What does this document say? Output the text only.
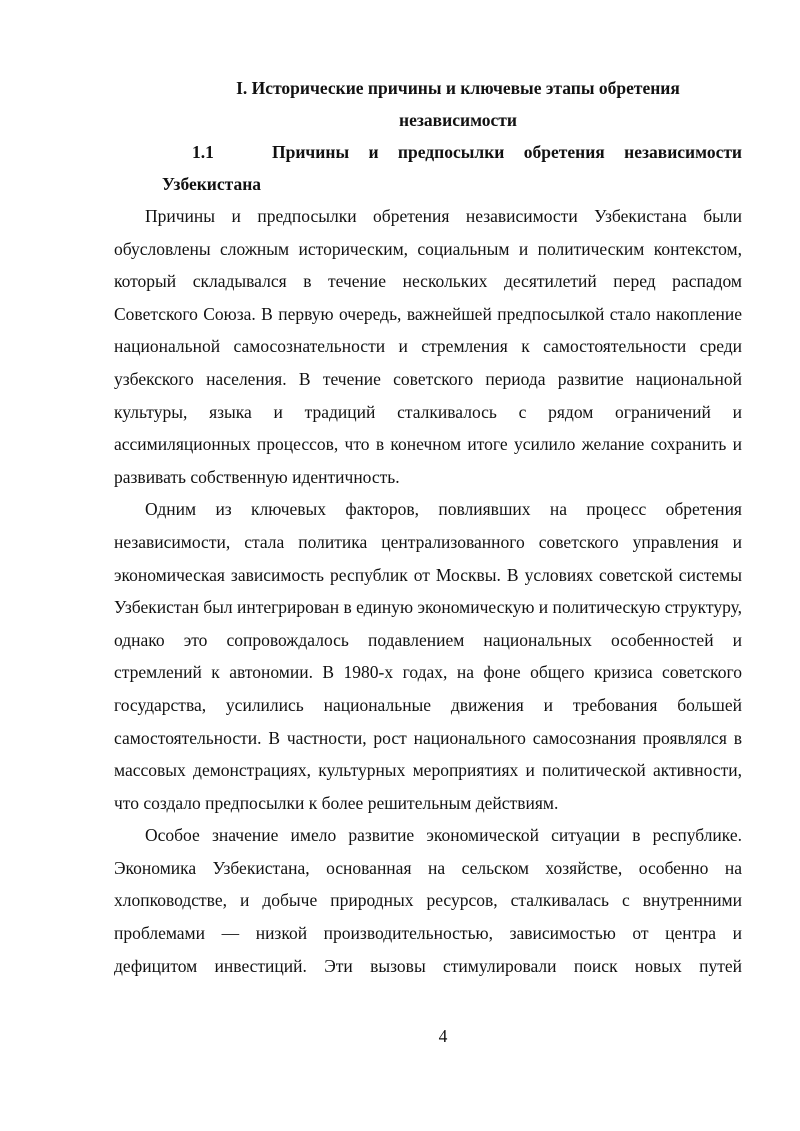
I. Исторические причины и ключевые этапы обретения
независимости
1.1	Причины и предпосылки обретения независимости
Узбекистана

Причины и предпосылки обретения независимости Узбекистана были обусловлены сложным историческим, социальным и политическим контекстом, который складывался в течение нескольких десятилетий перед распадом Советского Союза. В первую очередь, важнейшей предпосылкой стало накопление национальной самосознательности и стремления к самостоятельности среди узбекского населения. В течение советского периода развитие национальной культуры, языка и традиций сталкивалось с рядом ограничений и ассимиляционных процессов, что в конечном итоге усилило желание сохранить и развивать собственную идентичность.

Одним из ключевых факторов, повлиявших на процесс обретения независимости, стала политика централизованного советского управления и экономическая зависимость республик от Москвы. В условиях советской системы Узбекистан был интегрирован в единую экономическую и политическую структуру, однако это сопровождалось подавлением национальных особенностей и стремлений к автономии. В 1980-х годах, на фоне общего кризиса советского государства, усилились национальные движения и требования большей самостоятельности. В частности, рост национального самосознания проявлялся в массовых демонстрациях, культурных мероприятиях и политической активности, что создало предпосылки к более решительным действиям.

Особое значение имело развитие экономической ситуации в республике. Экономика Узбекистана, основанная на сельском хозяйстве, особенно на хлопководстве, и добыче природных ресурсов, сталкивалась с внутренними проблемами — низкой производительностью, зависимостью от центра и дефицитом инвестиций. Эти вызовы стимулировали поиск новых путей

4
